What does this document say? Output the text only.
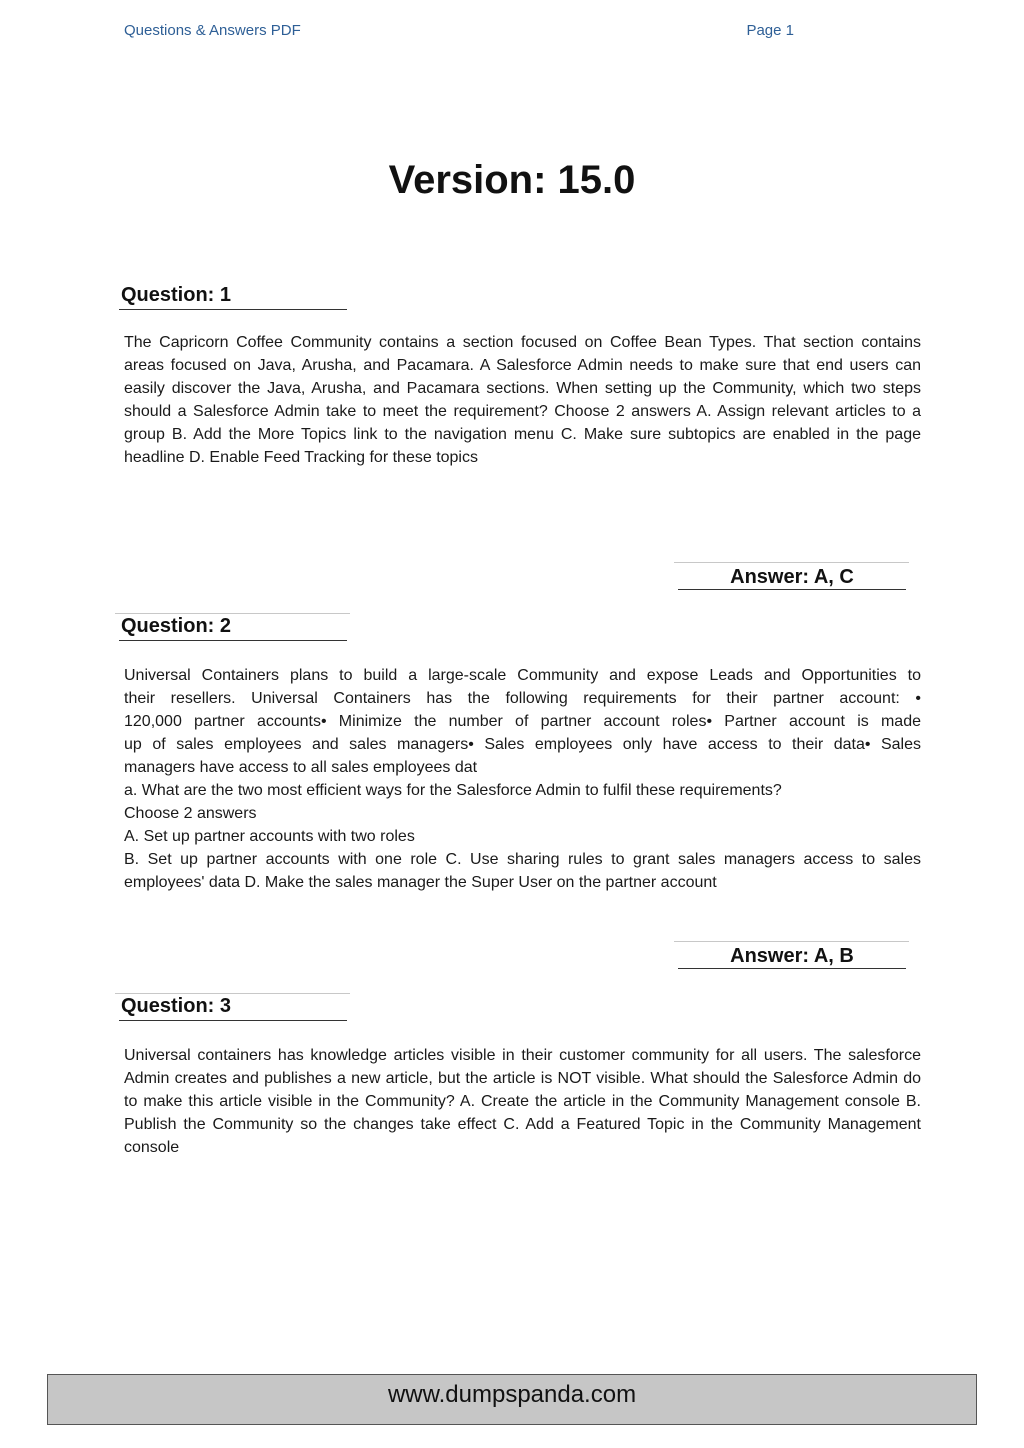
Questions & Answers PDF	Page 1
Version: 15.0
Question: 1
The Capricorn Coffee Community contains a section focused on Coffee Bean Types. That section contains areas focused on Java, Arusha, and Pacamara. A Salesforce Admin needs to make sure that end users can easily discover the Java, Arusha, and Pacamara sections. When setting up the Community, which two steps should a Salesforce Admin take to meet the requirement? Choose 2 answers A. Assign relevant articles to a group B. Add the More Topics link to the navigation menu C. Make sure subtopics are enabled in the page headline D. Enable Feed Tracking for these topics
Answer: A, C
Question: 2
Universal Containers plans to build a large-scale Community and expose Leads and Opportunities to
their resellers. Universal Containers has the following requirements for their partner account: •
120,000 partner accounts• Minimize the number of partner account roles• Partner account is made
up of sales employees and sales managers• Sales employees only have access to their data• Sales
managers have access to all sales employees dat
a. What are the two most efficient ways for the Salesforce Admin to fulfil these requirements?
Choose 2 answers
A. Set up partner accounts with two roles
B. Set up partner accounts with one role C. Use sharing rules to grant sales managers access to sales
employees' data D. Make the sales manager the Super User on the partner account
Answer: A, B
Question: 3
Universal containers has knowledge articles visible in their customer community for all users. The salesforce Admin creates and publishes a new article, but the article is NOT visible. What should the Salesforce Admin do to make this article visible in the Community? A. Create the article in the Community Management console B. Publish the Community so the changes take effect C. Add a Featured Topic in the Community Management console
www.dumpspanda.com
